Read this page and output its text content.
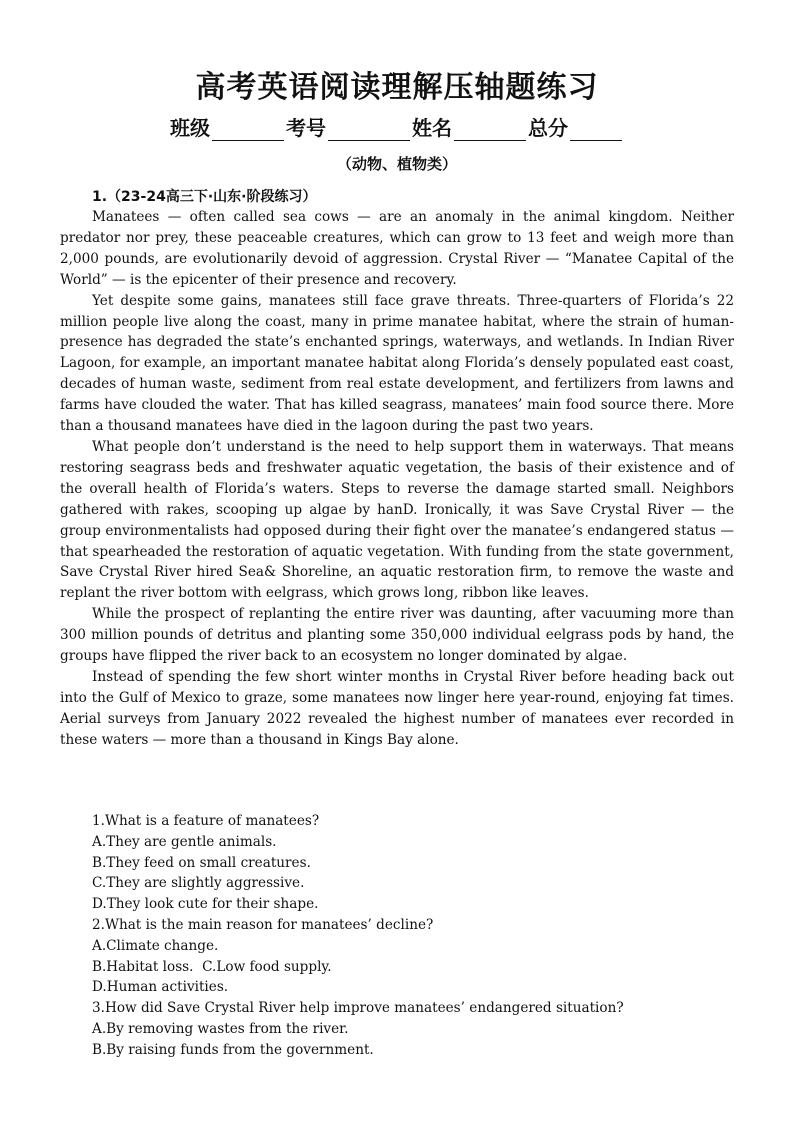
高考英语阅读理解压轴题练习
班级	考号	姓名	总分
（动物、植物类）
1.（23-24高三下·山东·阶段练习）

Manatees — often called sea cows — are an anomaly in the animal kingdom. Neither predator nor prey, these peaceable creatures, which can grow to 13 feet and weigh more than 2,000 pounds, are evolutionarily devoid of aggression. Crystal River — “Manatee Capital of the World” — is the epicenter of their presence and recovery.

Yet despite some gains, manatees still face grave threats. Three-quarters of Florida’s 22 million people live along the coast, many in prime manatee habitat, where the strain of human-presence has degraded the state’s enchanted springs, waterways, and wetlands. In Indian River Lagoon, for example, an important manatee habitat along Florida’s densely populated east coast, decades of human waste, sediment from real estate development, and fertilizers from lawns and farms have clouded the water. That has killed seagrass, manatees’ main food source there. More than a thousand manatees have died in the lagoon during the past two years.

What people don’t understand is the need to help support them in waterways. That means restoring seagrass beds and freshwater aquatic vegetation, the basis of their existence and of the overall health of Florida’s waters. Steps to reverse the damage started small. Neighbors gathered with rakes, scooping up algae by hanD. Ironically, it was Save Crystal River — the group environmentalists had opposed during their fight over the manatee’s endangered status — that spearheaded the restoration of aquatic vegetation. With funding from the state government, Save Crystal River hired Sea& Shoreline, an aquatic restoration firm, to remove the waste and replant the river bottom with eelgrass, which grows long, ribbon like leaves.

While the prospect of replanting the entire river was daunting, after vacuuming more than 300 million pounds of detritus and planting some 350,000 individual eelgrass pods by hand, the groups have flipped the river back to an ecosystem no longer dominated by algae.

Instead of spending the few short winter months in Crystal River before heading back out into the Gulf of Mexico to graze, some manatees now linger here year-round, enjoying fat times. Aerial surveys from January 2022 revealed the highest number of manatees ever recorded in these waters — more than a thousand in Kings Bay alone.

1.What is a feature of manatees?
A.They are gentle animals.
B.They feed on small creatures.
C.They are slightly aggressive.
D.They look cute for their shape.
2.What is the main reason for manatees’ decline?
A.Climate change.
B.Habitat loss.  C.Low food supply.
D.Human activities.
3.How did Save Crystal River help improve manatees’ endangered situation?
A.By removing wastes from the river.
B.By raising funds from the government.
